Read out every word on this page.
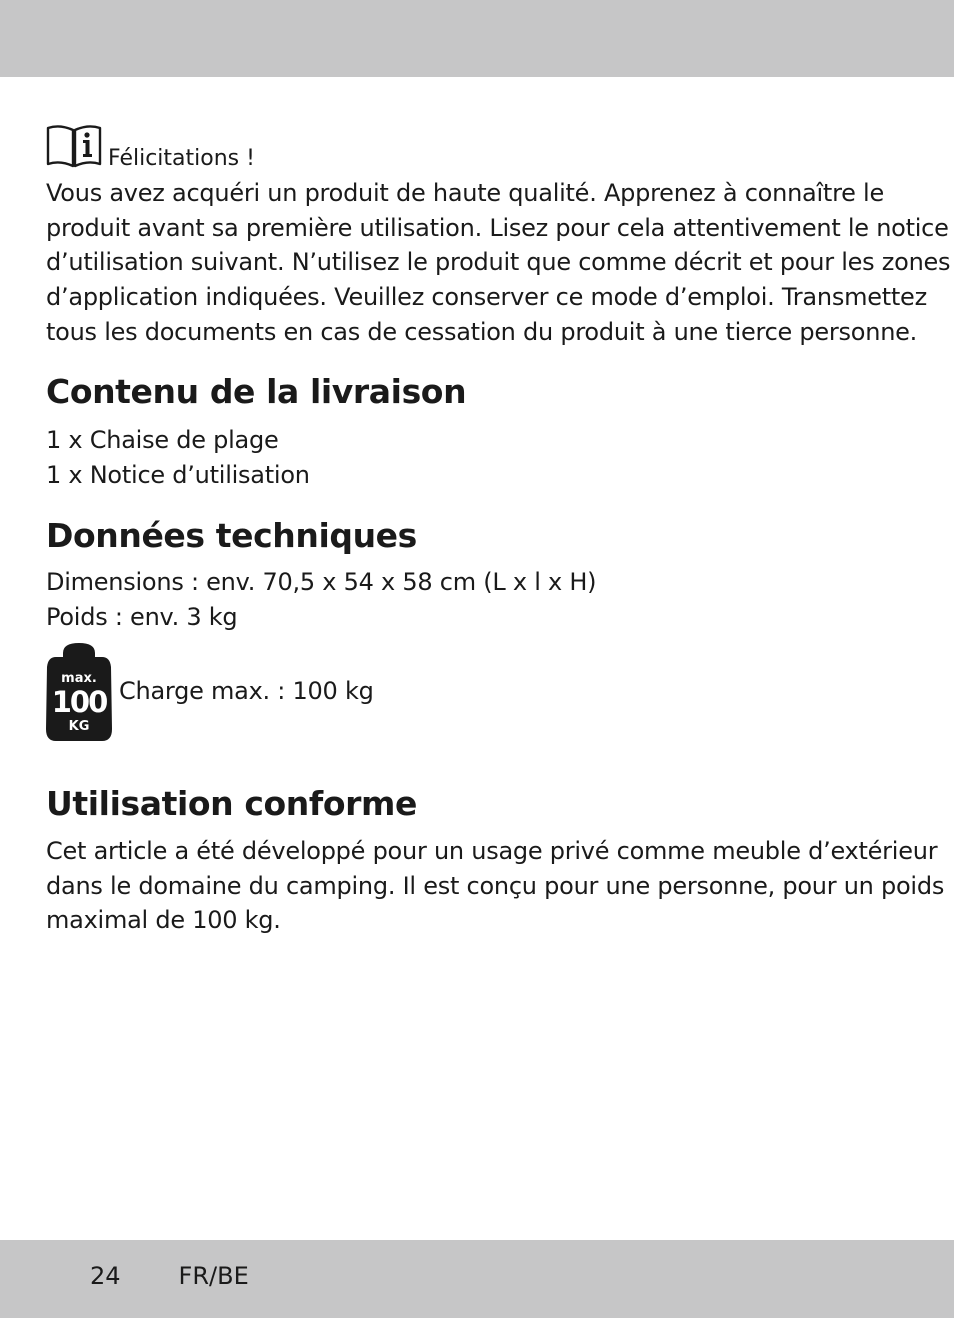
Félicitations !

Vous avez acquéri un produit de haute qualité. Apprenez à connaître le

produit avant sa première utilisation. Lisez pour cela attentivement le notice

d’utilisation suivant. N’utilisez le produit que comme décrit et pour les zones

d’application indiquées. Veuillez conserver ce mode d’emploi. Transmettez

tous les documents en cas de cessation du produit à une tierce personne.

Contenu de la livraison

1 x Chaise de plage

1 x Notice d’utilisation

Données techniques

Dimensions : env. 70,5 x 54 x 58 cm (L x l x H)

Poids : env. 3 kg

max.
100
KG
Charge max. : 100 kg
Utilisation conforme

Cet article a été développé pour un usage privé comme meuble d’extérieur

dans le domaine du camping. Il est conçu pour une personne, pour un poids

maximal de 100 kg.

24 FR/BE
